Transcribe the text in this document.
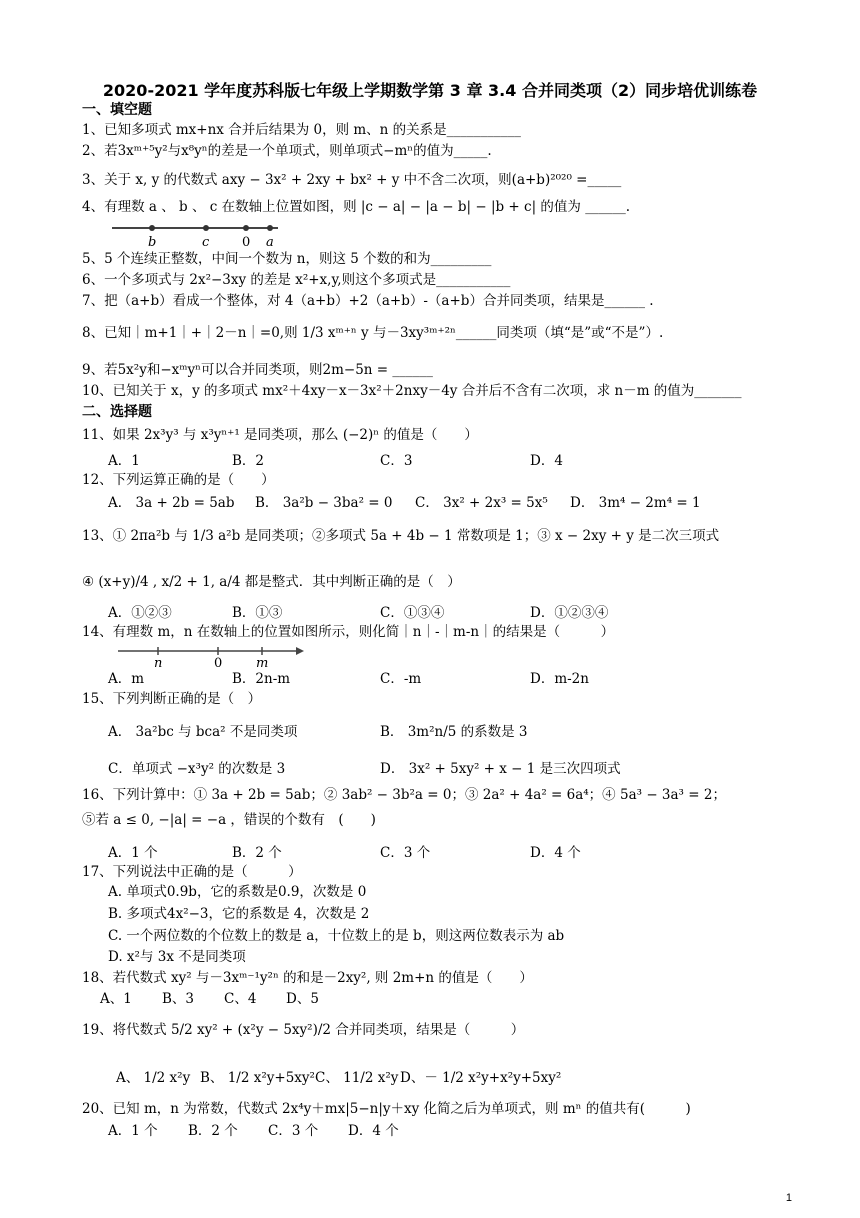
2020-2021 学年度苏科版七年级上学期数学第 3 章 3.4 合并同类项（2）同步培优训练卷
一、填空题
1、已知多项式 mx+nx 合并后结果为 0，则 m、n 的关系是___________
2、若3xᵐ⁺⁵y²与x⁸yⁿ的差是一个单项式，则单项式−mⁿ的值为_____.
3、关于 x, y 的代数式 axy − 3x² + 2xy + bx² + y 中不含二次项，则(a+b)²⁰²⁰ =_____
4、有理数 a 、 b 、 c 在数轴上位置如图，则 |c − a| − |a − b| − |b + c| 的值为 ______.
b	c	0 a
5、5 个连续正整数，中间一个数为 n，则这 5 个数的和为_________
6、一个多项式与 2x²−3xy 的差是 x²+x,y,则这个多项式是___________
7、把（a+b）看成一个整体，对 4（a+b）+2（a+b）-（a+b）合并同类项，结果是______ .
8、已知｜m+1｜+｜2－n｜=0,则 1/3 xᵐ⁺ⁿ y 与－3xy³ᵐ⁺²ⁿ______同类项（填“是”或“不是”）.
9、若5x²y和−xᵐyⁿ可以合并同类项，则2m−5n = ______
10、已知关于 x，y 的多项式 mx²＋4xy－x－3x²＋2nxy－4y 合并后不含有二次项，求 n－m 的值为_______
二、选择题
11、如果 2x³y³ 与 x³yⁿ⁺¹ 是同类项，那么 (−2)ⁿ 的值是（　　）
A．1	B．2	C．3	D．4
12、下列运算正确的是（　　）
A． 3a + 2b = 5ab B． 3a²b − 3ba² = 0 C． 3x² + 2x³ = 5x⁵ D． 3m⁴ − 2m⁴ = 1
13、① 2πa²b 与 1/3 a²b 是同类项；②多项式 5a + 4b − 1 常数项是 1；③ x − 2xy + y 是二次三项式
④ (x+y)/4 , x/2 + 1, a/4 都是整式．其中判断正确的是（　）
A．①②③	B．①③	C．①③④	D．①②③④
14、有理数 m，n 在数轴上的位置如图所示，则化简｜n｜-｜m-n｜的结果是（　　　）
n	0	m
A．m	B．2n-m	C．-m	D．m-2n
15、下列判断正确的是（　）
A． 3a²bc 与 bca² 不是同类项	B． 3m²n/5 的系数是 3
C．单项式 −x³y² 的次数是 3	D． 3x² + 5xy² + x − 1 是三次四项式
16、下列计算中：① 3a + 2b = 5ab；② 3ab² − 3b²a = 0；③ 2a² + 4a² = 6a⁴；④ 5a³ − 3a³ = 2；
⑤若 a ≤ 0, −|a| = −a ，错误的个数有　(　　)
A．1 个	B．2 个	C．3 个	D．4 个
17、下列说法中正确的是（　　　）
A. 单项式0.9b，它的系数是0.9，次数是 0
B. 多项式4x²−3，它的系数是 4，次数是 2
C. 一个两位数的个位数上的数是 a，十位数上的是 b，则这两位数表示为 ab
D. x²与 3x 不是同类项
18、若代数式 xy² 与－3xᵐ⁻¹y²ⁿ 的和是－2xy², 则 2m+n 的值是（　　）
A、1 B、3 C、4 D、5
19、将代数式 5/2 xy² + (x²y − 5xy²)/2 合并同类项，结果是（　　　）
A、 1/2 x²y B、 1/2 x²y+5xy² C、 11/2 x²y D、－ 1/2 x²y+x²y+5xy²
20、已知 m，n 为常数，代数式 2x⁴y＋mx|5−n|y＋xy 化简之后为单项式，则 mⁿ 的值共有(　　　)
A．1 个 B．2 个 C．3 个 D．4 个
1
